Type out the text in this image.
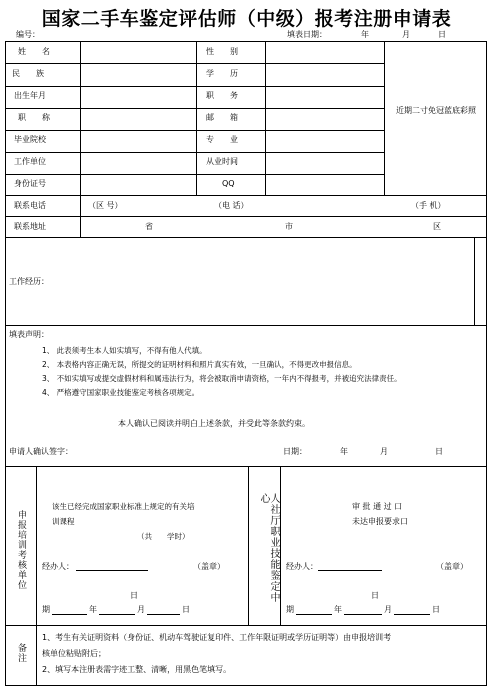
国家二手车鉴定评估师（中级）报考注册申请表
编号：	填表日期：	年	月	日
姓　　名	性　　别
民　　族	学　　历
出生年月	职　　务
职　　称	邮　　箱
毕业院校	专　　业
工作单位	从业时间
身份证号	QQ
近期二寸免冠蓝底彩照
联系电话	（区 号）	（电 话）	（手 机）
联系地址	省	市	区
工作经历：
填表声明：
1、 此表须考生本人如实填写，不得有他人代填。
2、 本表格内容正确无误，所提交的证明材料和照片真实有效，一旦确认，不得更改申报信息。
3、 不如实填写或提交虚假材料和属违法行为，将会被取消申请资格，一年内不得报考，并被追究法律责任。
4、 严格遵守国家职业技能鉴定考核各项规定。
本人确认已阅读并明白上述条款，并受此等条款约束。
申请人确认签字：	日期：	年	月	日
申报培训考核单位
该生已经完成国家职业标准上规定的有关培
训课程
（共　　学时）
经办人：	（盖章）
日
期	年	月	日
人社厅职业技能鉴定中心
审 批 通 过 口
未达申报要求口
经办人：	（盖章）
日
期	年	月	日
备注
1、考生有关证明资料（身份证、机动车驾驶证复印件、工作年限证明或学历证明等）由申报培训考
核单位粘贴附后；
2、填写本注册表需字迹工整、清晰，用黑色笔填写。
